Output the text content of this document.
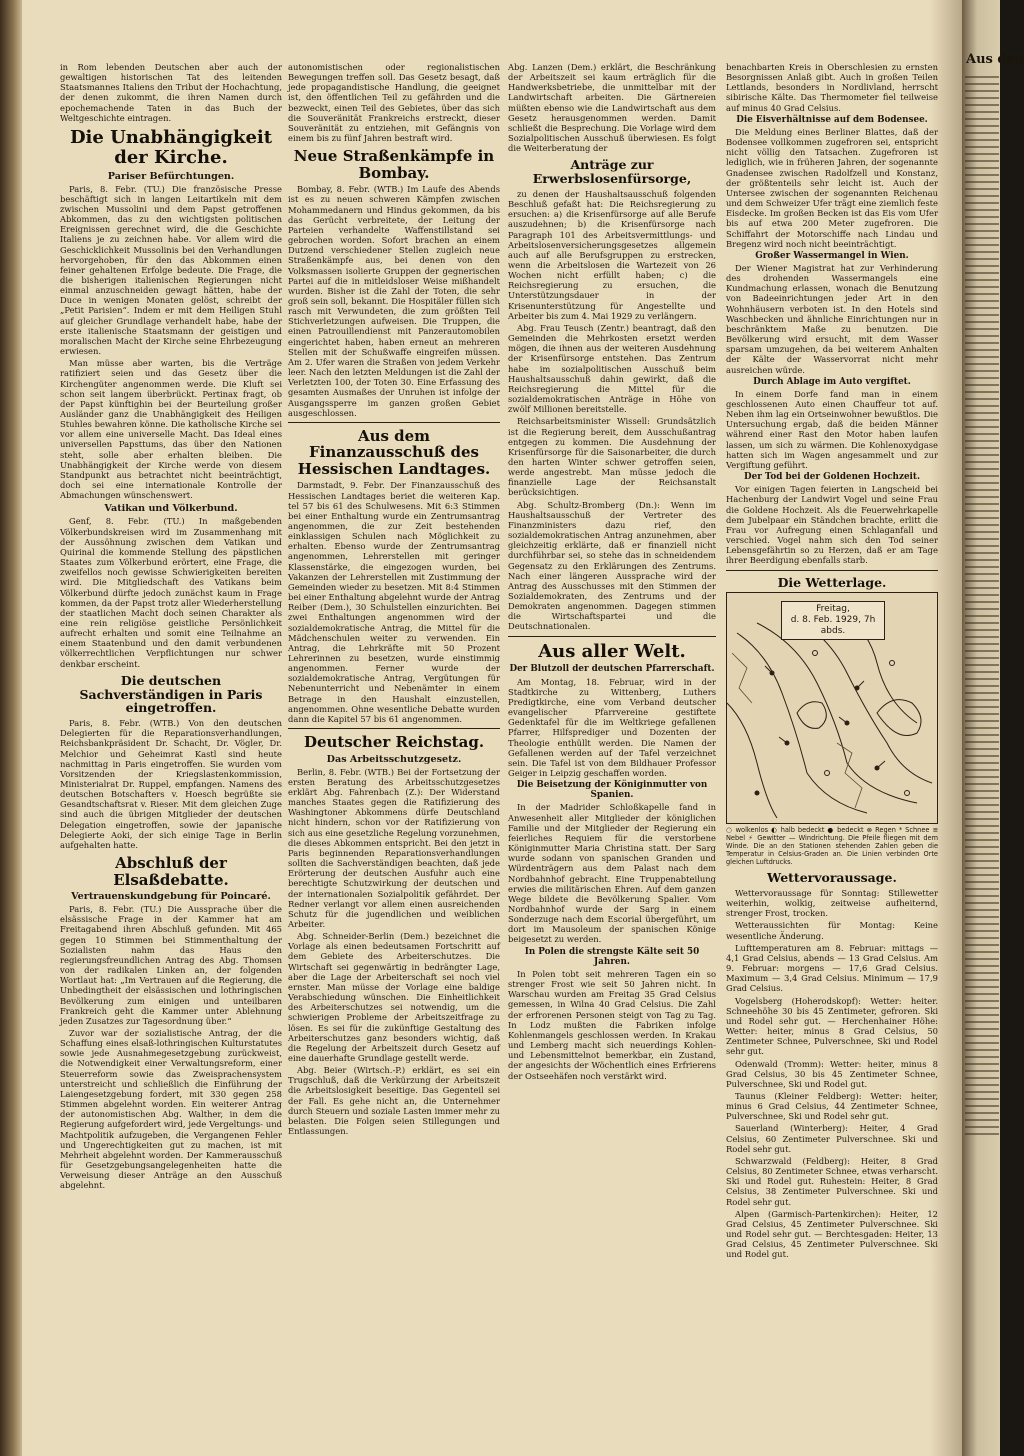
in Rom lebenden Deutschen aber auch der gewaltigen historischen Tat des leitenden Staatsmannes Italiens den Tribut der Hochachtung, der denen zukommt, die ihren Namen durch epochemachende Taten in das Buch der Weltgeschichte eintragen.

Die Unabhängigkeit der Kirche.
Pariser Befürchtungen.

Paris, 8. Febr. (TU.) Die französische Presse beschäftigt sich in langen Leitartikeln mit dem zwischen Mussolini und dem Papst getroffenen Abkommen, das zu den wichtigsten politischen Ereignissen gerechnet wird, die die Geschichte Italiens je zu zeichnen habe. Vor allem wird die Geschicklichkeit Mussolinis bei den Verhandlungen hervorgehoben, für den das Abkommen einen feiner gehaltenen Erfolge bedeute. Die Frage, die die bisherigen italienischen Regierungen nicht einmal anzuschneiden gewagt hätten, habe der Duce in wenigen Monaten gelöst, schreibt der „Petit Parisien“. Indem er mit dem Heiligen Stuhl auf gleicher Grundlage verhandelt habe, habe der erste italienische Staatsmann der geistigen und moralischen Macht der Kirche seine Ehrbezeugung erwiesen.

Man müsse aber warten, bis die Verträge ratifiziert seien und das Gesetz über die Kirchengüter angenommen werde. Die Kluft sei schon seit langem überbrückt. Pertinax fragt, ob der Papst künftighin bei der Beurteilung großer Ausländer ganz die Unabhängigkeit des Heiligen Stuhles bewahren könne. Die katholische Kirche sei vor allem eine universelle Macht. Das Ideal eines universellen Papsttums, das über den Nationen steht, solle aber erhalten bleiben. Die Unabhängigkeit der Kirche werde von diesem Standpunkt aus betrachtet nicht beeinträchtigt, doch sei eine internationale Kontrolle der Abmachungen wünschenswert.

Vatikan und Völkerbund.

Genf, 8. Febr. (TU.) In maßgebenden Völkerbundskreisen wird im Zusammenhang mit der Aussöhnung zwischen dem Vatikan und Quirinal die kommende Stellung des päpstlichen Staates zum Völkerbund erörtert, eine Frage, die zweifellos noch gewisse Schwierigkeiten bereiten wird. Die Mitgliedschaft des Vatikans beim Völkerbund dürfte jedoch zunächst kaum in Frage kommen, da der Papst trotz aller Wiederherstellung der staatlichen Macht doch seinen Charakter als eine rein religiöse geistliche Persönlichkeit aufrecht erhalten und somit eine Teilnahme an einem Staatenbund und den damit verbundenen völkerrechtlichen Verpflichtungen nur schwer denkbar erscheint.

Die deutschen Sachverständigen in Paris eingetroffen.

Paris, 8. Febr. (WTB.) Von den deutschen Delegierten für die Reparationsverhandlungen, Reichsbankpräsident Dr. Schacht, Dr. Vögler, Dr. Melchior und Geheimrat Kastl sind heute nachmittag in Paris eingetroffen. Sie wurden vom Vorsitzenden der Kriegslastenkommission, Ministerialrat Dr. Ruppel, empfangen. Namens des deutschen Botschafters v. Hoesch begrüßte sie Gesandtschaftsrat v. Rieser. Mit dem gleichen Zuge sind auch die übrigen Mitglieder der deutschen Delegation eingetroffen, sowie der japanische Delegierte Aoki, der sich einige Tage in Berlin aufgehalten hatte.

Abschluß der Elsaßdebatte.
Vertrauenskundgebung für Poincaré.

Paris, 8. Febr. (TU.) Die Aussprache über die elsässische Frage in der Kammer hat am Freitagabend ihren Abschluß gefunden. Mit 465 gegen 10 Stimmen bei Stimmenthaltung der Sozialisten nahm das Haus den regierungsfreundlichen Antrag des Abg. Thomsen von der radikalen Linken an, der folgenden Wortlaut hat: „Im Vertrauen auf die Regierung, die Unbedingtheit der elsässischen und lothringischen Bevölkerung zum einigen und unteilbaren Frankreich geht die Kammer unter Ablehnung jeden Zusatzes zur Tagesordnung über.“

Zuvor war der sozialistische Antrag, der die Schaffung eines elsaß-lothringischen Kulturstatutes sowie jede Ausnahmegesetzgebung zurückweist, die Notwendigkeit einer Verwaltungsreform, einer Steuerreform sowie das Zweisprachensystem unterstreicht und schließlich die Einführung der Laiengesetzgebung fordert, mit 330 gegen 258 Stimmen abgelehnt worden. Ein weiterer Antrag der autonomistischen Abg. Walther, in dem die Regierung aufgefordert wird, jede Vergeltungs- und Machtpolitik aufzugeben, die Vergangenen Fehler und Ungerechtigkeiten gut zu machen, ist mit Mehrheit abgelehnt worden. Der Kammerausschuß für Gesetzgebungsangelegenheiten hatte die Verweisung dieser Anträge an den Ausschuß abgelehnt.

autonomistischen oder regionalistischen Bewegungen treffen soll. Das Gesetz besagt, daß jede propagandistische Handlung, die geeignet ist, den öffentlichen Teil zu gefährden und die bezweckt, einen Teil des Gebietes, über das sich die Souveränität Frankreichs erstreckt, dieser Souveränität zu entziehen, mit Gefängnis von einem bis zu fünf Jahren bestraft wird.

Neue Straßenkämpfe in Bombay.

Bombay, 8. Febr. (WTB.) Im Laufe des Abends ist es zu neuen schweren Kämpfen zwischen Mohammedanern und Hindus gekommen, da bis das Gerücht verbreitete, der Leitung der Parteien verhandelte Waffenstillstand sei gebrochen worden. Sofort brachen an einem Dutzend verschiedener Stellen zugleich neue Straßenkämpfe aus, bei denen von den Volksmassen isolierte Gruppen der gegnerischen Partei auf die in mitleidsloser Weise mißhandelt wurden. Bisher ist die Zahl der Toten, die sehr groß sein soll, bekannt. Die Hospitäler füllen sich rasch mit Verwundeten, die zum größten Teil Stichverletzungen aufweisen. Die Truppen, die einen Patrouillendienst mit Panzerautomobilen eingerichtet haben, haben erneut an mehreren Stellen mit der Schußwaffe eingreifen müssen. Am 2. Ufer waren die Straßen von jedem Verkehr leer. Nach den letzten Meldungen ist die Zahl der Verletzten 100, der Toten 30. Eine Erfassung des gesamten Ausmaßes der Unruhen ist infolge der Ausgangssperre im ganzen großen Gebiet ausgeschlossen.

Aus dem Finanzausschuß des Hessischen Landtages.

Darmstadt, 9. Febr. Der Finanzausschuß des Hessischen Landtages beriet die weiteren Kap. tel 57 bis 61 des Schulwesens. Mit 6:3 Stimmen bei einer Enthaltung wurde ein Zentrumsantrag angenommen, die zur Zeit bestehenden einklassigen Schulen nach Möglichkeit zu erhalten. Ebenso wurde der Zentrumsantrag angenommen, Lehrerstellen mit geringer Klassenstärke, die eingezogen wurden, bei Vakanzen der Lehrerstellen mit Zustimmung der Gemeinden wieder zu besetzen. Mit 8:4 Stimmen bei einer Enthaltung abgelehnt wurde der Antrag Reiber (Dem.), 30 Schulstellen einzurichten. Bei zwei Enthaltungen angenommen wird der sozialdemokratische Antrag, die Mittel für die Mädchenschulen weiter zu verwenden. Ein Antrag, die Lehrkräfte mit 50 Prozent Lehrerinnen zu besetzen, wurde einstimmig angenommen. Ferner wurde der sozialdemokratische Antrag, Vergütungen für Nebenunterricht und Nebenämter in einem Betrage in den Haushalt einzustellen, angenommen. Ohne wesentliche Debatte wurden dann die Kapitel 57 bis 61 angenommen.

Deutscher Reichstag.
Das Arbeitsschutzgesetz.

Berlin, 8. Febr. (WTB.) Bei der Fortsetzung der ersten Beratung des Arbeitsschutzgesetzes erklärt Abg. Fahrenbach (Z.): Der Widerstand manches Staates gegen die Ratifizierung des Washingtoner Abkommens dürfe Deutschland nicht hindern, schon vor der Ratifizierung von sich aus eine gesetzliche Regelung vorzunehmen, die dieses Abkommen entspricht. Bei den jetzt in Paris beginnenden Reparationsverhandlungen sollten die Sachverständigen beachten, daß jede Erörterung der deutschen Ausfuhr auch eine berechtigte Schutzwirkung der deutschen und der internationalen Sozialpolitik gefährdet. Der Redner verlangt vor allem einen ausreichenden Schutz für die jugendlichen und weiblichen Arbeiter.

Abg. Schneider-Berlin (Dem.) bezeichnet die Vorlage als einen bedeutsamen Fortschritt auf dem Gebiete des Arbeiterschutzes. Die Wirtschaft sei gegenwärtig in bedrängter Lage, aber die Lage der Arbeiterschaft sei noch viel ernster. Man müsse der Vorlage eine baldige Verabschiedung wünschen. Die Einheitlichkeit des Arbeiterschutzes sei notwendig, um die schwierigen Probleme der Arbeitszeitfrage zu lösen. Es sei für die zukünftige Gestaltung des Arbeiterschutzes ganz besonders wichtig, daß die Regelung der Arbeitszeit durch Gesetz auf eine dauerhafte Grundlage gestellt werde.

Abg. Beier (Wirtsch.-P.) erklärt, es sei ein Trugschluß, daß die Verkürzung der Arbeitszeit die Arbeitslosigkeit beseitige. Das Gegenteil sei der Fall. Es gehe nicht an, die Unternehmer durch Steuern und soziale Lasten immer mehr zu belasten. Die Folgen seien Stillegungen und Entlassungen.

Abg. Lanzen (Dem.) erklärt, die Beschränkung der Arbeitszeit sei kaum erträglich für die Handwerksbetriebe, die unmittelbar mit der Landwirtschaft arbeiten. Die Gärtnereien müßten ebenso wie die Landwirtschaft aus dem Gesetz herausgenommen werden. Damit schließt die Besprechung. Die Vorlage wird dem Sozialpolitischen Ausschuß überwiesen. Es folgt die Weiterberatung der

Anträge zur Erwerbslosenfürsorge,

zu denen der Haushaltsausschuß folgenden Beschluß gefaßt hat: Die Reichsregierung zu ersuchen: a) die Krisenfürsorge auf alle Berufe auszudehnen; b) die Krisenfürsorge nach Paragraph 101 des Arbeitsvermittlungs- und Arbeitslosenversicherungsgesetzes allgemein auch auf alle Berufsgruppen zu erstrecken, wenn die Arbeitslosen die Wartezeit von 26 Wochen nicht erfüllt haben; c) die Reichsregierung zu ersuchen, die Unterstützungsdauer in der Krisenunterstützung für Angestellte und Arbeiter bis zum 4. Mai 1929 zu verlängern.

Abg. Frau Teusch (Zentr.) beantragt, daß den Gemeinden die Mehrkosten ersetzt werden mögen, die ihnen aus der weiteren Ausdehnung der Krisenfürsorge entstehen. Das Zentrum habe im sozialpolitischen Ausschuß beim Haushaltsausschuß dahin gewirkt, daß die Reichsregierung die Mittel für die sozialdemokratischen Anträge in Höhe von zwölf Millionen bereitstelle.

Reichsarbeitsminister Wissell: Grundsätzlich ist die Regierung bereit, dem Ausschußantrag entgegen zu kommen. Die Ausdehnung der Krisenfürsorge für die Saisonarbeiter, die durch den harten Winter schwer getroffen seien, werde angestrebt. Man müsse jedoch die finanzielle Lage der Reichsanstalt berücksichtigen.

Abg. Schultz-Bromberg (Dn.): Wenn im Haushaltsausschuß der Vertreter des Finanzministers dazu rief, den sozialdemokratischen Antrag anzunehmen, aber gleichzeitig erklärte, daß er finanziell nicht durchführbar sei, so stehe das in schneidendem Gegensatz zu den Erklärungen des Zentrums. Nach einer längeren Aussprache wird der Antrag des Ausschusses mit den Stimmen der Sozialdemokraten, des Zentrums und der Demokraten angenommen. Dagegen stimmen die Wirtschaftspartei und die Deutschnationalen.

Aus aller Welt.
Der Blutzoll der deutschen Pfarrerschaft.

Am Montag, 18. Februar, wird in der Stadtkirche zu Wittenberg, Luthers Predigtkirche, eine vom Verband deutscher evangelischer Pfarrvereine gestiftete Gedenktafel für die im Weltkriege gefallenen Pfarrer, Hilfsprediger und Dozenten der Theologie enthüllt werden. Die Namen der Gefallenen werden auf der Tafel verzeichnet sein. Die Tafel ist von dem Bildhauer Professor Geiger in Leipzig geschaffen worden.

Die Beisetzung der Königinmutter von Spanien.

In der Madrider Schloßkapelle fand in Anwesenheit aller Mitglieder der königlichen Familie und der Mitglieder der Regierung ein feierliches Requiem für die verstorbene Königinmutter Maria Christina statt. Der Sarg wurde sodann von spanischen Granden und Würdenträgern aus dem Palast nach dem Nordbahnhof gebracht. Eine Truppenabteilung erwies die militärischen Ehren. Auf dem ganzen Wege bildete die Bevölkerung Spalier. Vom Nordbahnhof wurde der Sarg in einem Sonderzuge nach dem Escorial übergeführt, um dort im Mausoleum der spanischen Könige beigesetzt zu werden.

In Polen die strengste Kälte seit 50 Jahren.

In Polen tobt seit mehreren Tagen ein so strenger Frost wie seit 50 Jahren nicht. In Warschau wurden am Freitag 35 Grad Celsius gemessen, in Wilna 40 Grad Celsius. Die Zahl der erfrorenen Personen steigt von Tag zu Tag. In Lodz mußten die Fabriken infolge Kohlenmangels geschlossen werden. In Krakau und Lemberg macht sich neuerdings Kohlen- und Lebensmittelnot bemerkbar, ein Zustand, der angesichts der Wöchentlich eines Erfrierens der Ostseehäfen noch verstärkt wird.

benachbarten Kreis in Oberschlesien zu ernsten Besorgnissen Anlaß gibt. Auch in großen Teilen Lettlands, besonders in Nordlivland, herrscht sibirische Kälte. Das Thermometer fiel teilweise auf minus 40 Grad Celsius.

Die Eisverhältnisse auf dem Bodensee.

Die Meldung eines Berliner Blattes, daß der Bodensee vollkommen zugefroren sei, entspricht nicht völlig den Tatsachen. Zugefroren ist lediglich, wie in früheren Jahren, der sogenannte Gnadensee zwischen Radolfzell und Konstanz, der größtenteils sehr leicht ist. Auch der Untersee zwischen der sogenannten Reichenau und dem Schweizer Ufer trägt eine ziemlich feste Eisdecke. Im großen Becken ist das Eis vom Ufer bis auf etwa 200 Meter zugefroren. Die Schiffahrt der Motorschiffe nach Lindau und Bregenz wird noch nicht beeinträchtigt.

Großer Wassermangel in Wien.

Der Wiener Magistrat hat zur Verhinderung des drohenden Wassermangels eine Kundmachung erlassen, wonach die Benutzung von Badeeinrichtungen jeder Art in den Wohnhäusern verboten ist. In den Hotels sind Waschbecken und ähnliche Einrichtungen nur in beschränktem Maße zu benutzen. Die Bevölkerung wird ersucht, mit dem Wasser sparsam umzugehen, da bei weiterem Anhalten der Kälte der Wasservorrat nicht mehr ausreichen würde.

Durch Ablage im Auto vergiftet.

In einem Dorfe fand man in einem geschlossenen Auto einen Chauffeur tot auf. Neben ihm lag ein Ortseinwohner bewußtlos. Die Untersuchung ergab, daß die beiden Männer während einer Rast den Motor haben laufen lassen, um sich zu wärmen. Die Kohlenoxydgase hatten sich im Wagen angesammelt und zur Vergiftung geführt.

Der Tod bei der Goldenen Hochzeit.

Vor einigen Tagen feierten in Langscheid bei Hachenburg der Landwirt Vogel und seine Frau die Goldene Hochzeit. Als die Feuerwehrkapelle dem Jubelpaar ein Ständchen brachte, erlitt die Frau vor Aufregung einen Schlaganfall und verschied. Vogel nahm sich den Tod seiner Lebensgefährtin so zu Herzen, daß er am Tage ihrer Beerdigung ebenfalls starb.

Die Wetterlage.
Freitag,
d. 8. Feb. 1929, 7h abds.
○ wolkenlos ◐ halb bedeckt ● bedeckt ⊗ Regen * Schnee ≡ Nebel ⚡ Gewitter — Windrichtung. Die Pfeile fliegen mit dem Winde. Die an den Stationen stehenden Zahlen geben die Temperatur in Celsius-Graden an. Die Linien verbinden Orte gleichen Luftdrucks.
Wettervoraussage.

Wettervoraussage für Sonntag: Stillewetter weiterhin, wolkig, zeitweise aufheiternd, strenger Frost, trocken.

Wetteraussichten für Montag: Keine wesentliche Änderung.

Lufttemperaturen am 8. Februar: mittags — 4,1 Grad Celsius, abends — 13 Grad Celsius. Am 9. Februar: morgens — 17,6 Grad Celsius. Maximum — 3,4 Grad Celsius. Minimum — 17,9 Grad Celsius.

Vogelsberg (Hoherodskopf): Wetter: heiter. Schneehöhe 30 bis 45 Zentimeter, gefroren. Ski und Rodel sehr gut. — Herchenhainer Höhe: Wetter: heiter, minus 8 Grad Celsius, 50 Zentimeter Schnee, Pulverschnee, Ski und Rodel sehr gut.

Odenwald (Tromm): Wetter: heiter, minus 8 Grad Celsius, 30 bis 45 Zentimeter Schnee, Pulverschnee, Ski und Rodel gut.

Taunus (Kleiner Feldberg): Wetter: heiter, minus 6 Grad Celsius, 44 Zentimeter Schnee, Pulverschnee, Ski und Rodel sehr gut.

Sauerland (Winterberg): Heiter, 4 Grad Celsius, 60 Zentimeter Pulverschnee. Ski und Rodel sehr gut.

Schwarzwald (Feldberg): Heiter, 8 Grad Celsius, 80 Zentimeter Schnee, etwas verharscht. Ski und Rodel gut. Ruhestein: Heiter, 8 Grad Celsius, 38 Zentimeter Pulverschnee. Ski und Rodel sehr gut.

Alpen (Garmisch-Partenkirchen): Heiter, 12 Grad Celsius, 45 Zentimeter Pulverschnee. Ski und Rodel sehr gut. — Berchtesgaden: Heiter, 13 Grad Celsius, 45 Zentimeter Pulverschnee. Ski und Rodel gut.

Aus den
